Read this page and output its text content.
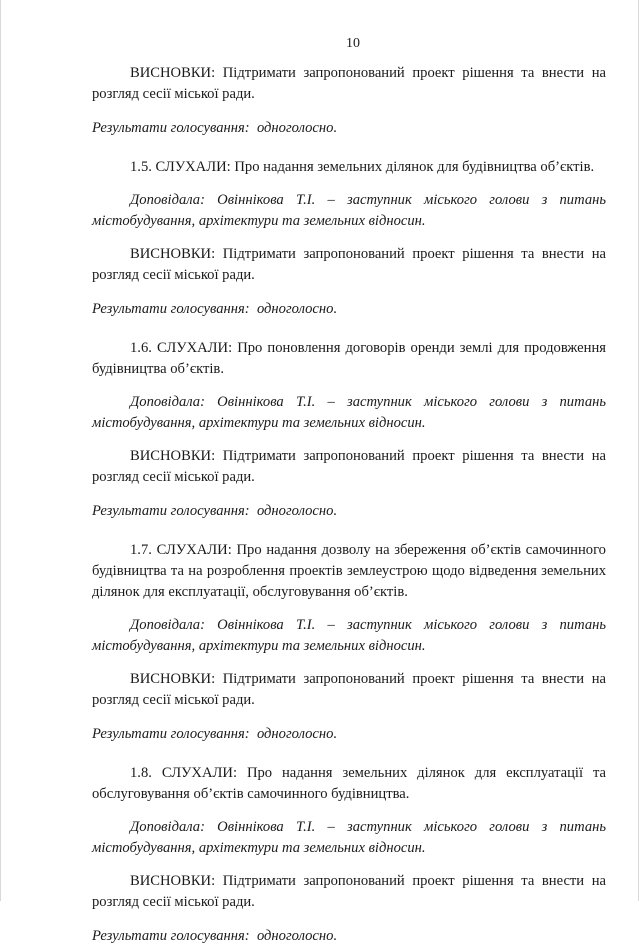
10

ВИСНОВКИ: Підтримати запропонований проект рішення та внести на розгляд сесії міської ради.

Результати голосування: одноголосно.

1.5. СЛУХАЛИ: Про надання земельних ділянок для будівництва об’єктів.

Доповідала: Овіннікова Т.І. – заступник міського голови з питань містобудування, архітектури та земельних відносин.

ВИСНОВКИ: Підтримати запропонований проект рішення та внести на розгляд сесії міської ради.

Результати голосування: одноголосно.

1.6. СЛУХАЛИ: Про поновлення договорів оренди землі для продовження будівництва об’єктів.

Доповідала: Овіннікова Т.І. – заступник міського голови з питань містобудування, архітектури та земельних відносин.

ВИСНОВКИ: Підтримати запропонований проект рішення та внести на розгляд сесії міської ради.

Результати голосування: одноголосно.

1.7. СЛУХАЛИ: Про надання дозволу на збереження об’єктів самочинного будівництва та на розроблення проектів землеустрою щодо відведення земельних ділянок для експлуатації, обслуговування об’єктів.

Доповідала: Овіннікова Т.І. – заступник міського голови з питань містобудування, архітектури та земельних відносин.

ВИСНОВКИ: Підтримати запропонований проект рішення та внести на розгляд сесії міської ради.

Результати голосування: одноголосно.

1.8. СЛУХАЛИ: Про надання земельних ділянок для експлуатації та обслуговування об’єктів самочинного будівництва.

Доповідала: Овіннікова Т.І. – заступник міського голови з питань містобудування, архітектури та земельних відносин.

ВИСНОВКИ: Підтримати запропонований проект рішення та внести на розгляд сесії міської ради.

Результати голосування: одноголосно.
